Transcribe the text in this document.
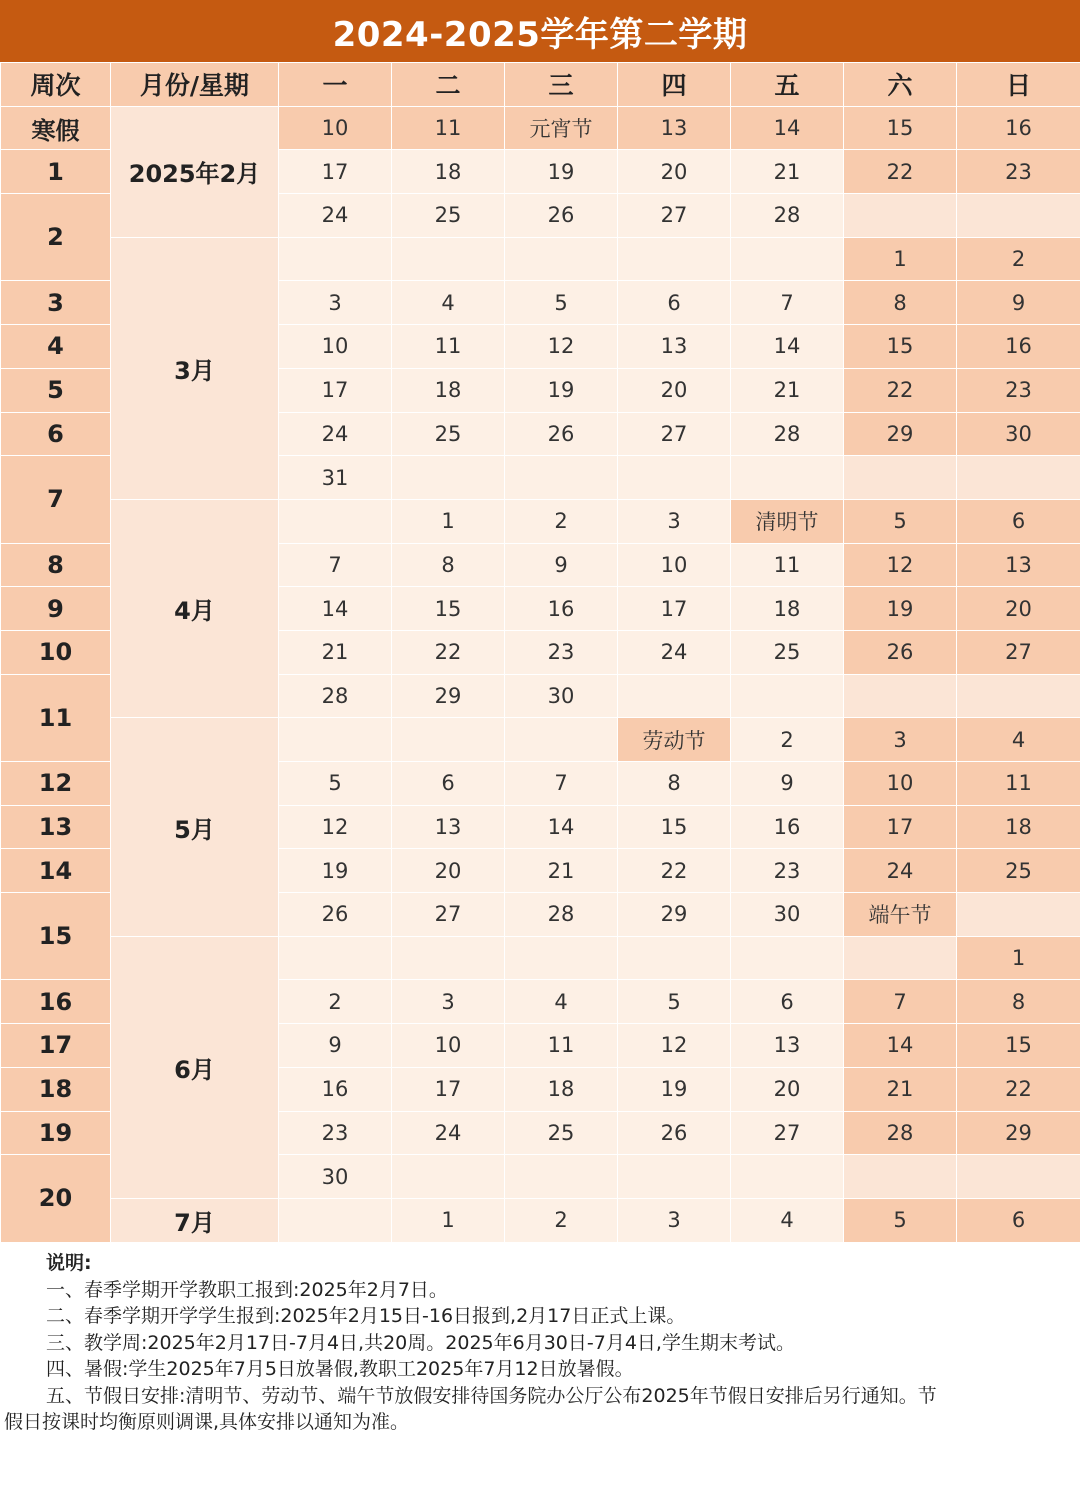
2024-2025学年第二学期
周次	月份/星期	一	二	三	四	五	六	日
寒假	2025年2月	10	11	元宵节	13	14	15	16
1		17	18	19	20	21	22	23
2		24	25	26	27	28		
	3月						1	2
3		3	4	5	6	7	8	9
4		10	11	12	13	14	15	16
5		17	18	19	20	21	22	23
6		24	25	26	27	28	29	30
7		31						
	4月		1	2	3	清明节	5	6
8		7	8	9	10	11	12	13
9		14	15	16	17	18	19	20
10		21	22	23	24	25	26	27
11		28	29	30				
	5月				劳动节	2	3	4
12		5	6	7	8	9	10	11
13		12	13	14	15	16	17	18
14		19	20	21	22	23	24	25
15		26	27	28	29	30	端午节	
	6月							1
16		2	3	4	5	6	7	8
17		9	10	11	12	13	14	15
18		16	17	18	19	20	21	22
19		23	24	25	26	27	28	29
20		30						
	7月		1	2	3	4	5	6
说明:
一、春季学期开学教职工报到:2025年2月7日。
二、春季学期开学学生报到:2025年2月15日-16日报到,2月17日正式上课。
三、教学周:2025年2月17日-7月4日,共20周。2025年6月30日-7月4日,学生期末考试。
四、暑假:学生2025年7月5日放暑假,教职工2025年7月12日放暑假。
五、节假日安排:清明节、劳动节、端午节放假安排待国务院办公厅公布2025年节假日安排后另行通知。节
假日按课时均衡原则调课,具体安排以通知为准。
